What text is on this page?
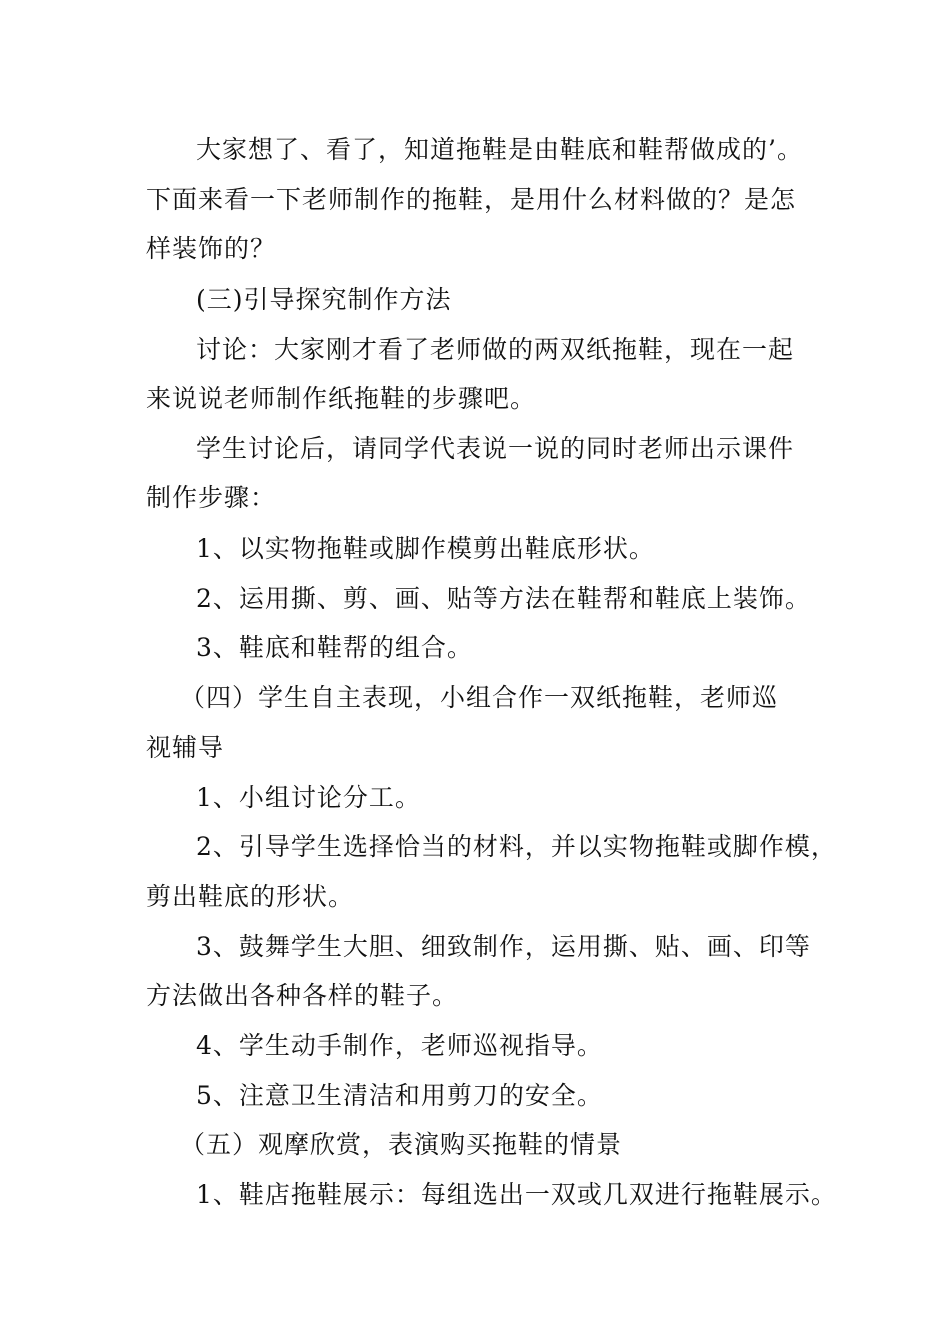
大家想了、看了，知道拖鞋是由鞋底和鞋帮做成的’。
下面来看一下老师制作的拖鞋，是用什么材料做的？是怎
样装饰的？
(三)引导探究制作方法
讨论：大家刚才看了老师做的两双纸拖鞋，现在一起
来说说老师制作纸拖鞋的步骤吧。
学生讨论后，请同学代表说一说的同时老师出示课件
制作步骤：
1、以实物拖鞋或脚作模剪出鞋底形状。
2、运用撕、剪、画、贴等方法在鞋帮和鞋底上装饰。
3、鞋底和鞋帮的组合。
（四）学生自主表现，小组合作一双纸拖鞋，老师巡
视辅导
1、小组讨论分工。
2、引导学生选择恰当的材料，并以实物拖鞋或脚作模，
剪出鞋底的形状。
3、鼓舞学生大胆、细致制作，运用撕、贴、画、印等
方法做出各种各样的鞋子。
4、学生动手制作，老师巡视指导。
5、注意卫生清洁和用剪刀的安全。
（五）观摩欣赏，表演购买拖鞋的情景
1、鞋店拖鞋展示：每组选出一双或几双进行拖鞋展示。
